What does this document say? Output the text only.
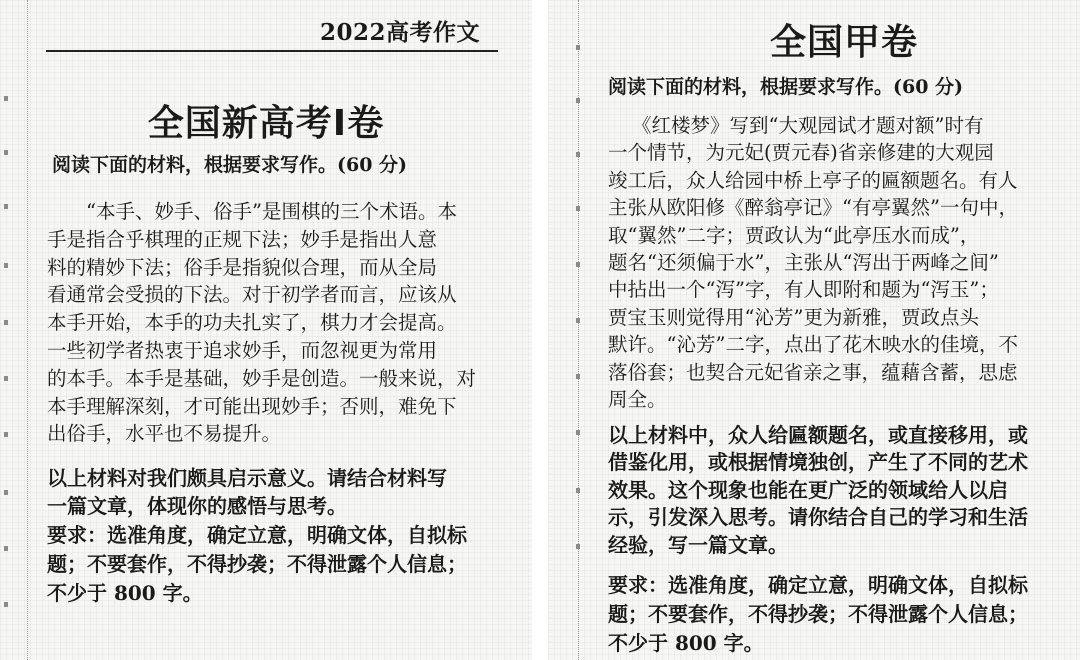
2022高考作文
全国新高考Ⅰ卷
阅读下面的材料，根据要求写作。(60 分)
“本手、妙手、俗手”是围棋的三个术语。本
手是指合乎棋理的正规下法；妙手是指出人意
料的精妙下法；俗手是指貌似合理，而从全局
看通常会受损的下法。对于初学者而言，应该从
本手开始，本手的功夫扎实了，棋力才会提高。
一些初学者热衷于追求妙手，而忽视更为常用
的本手。本手是基础，妙手是创造。一般来说，对
本手理解深刻，才可能出现妙手；否则，难免下
出俗手，水平也不易提升。
以上材料对我们颇具启示意义。请结合材料写
一篇文章，体现你的感悟与思考。
要求：选准角度，确定立意，明确文体，自拟标
题；不要套作，不得抄袭；不得泄露个人信息；
不少于 800 字。
全国甲卷
阅读下面的材料，根据要求写作。(60 分)
《红楼梦》写到“大观园试才题对额”时有
一个情节，为元妃(贾元春)省亲修建的大观园
竣工后，众人给园中桥上亭子的匾额题名。有人
主张从欧阳修《醉翁亭记》“有亭翼然”一句中，
取“翼然”二字；贾政认为“此亭压水而成”，
题名“还须偏于水”，主张从“泻出于两峰之间”
中拈出一个“泻”字，有人即附和题为“泻玉”；
贾宝玉则觉得用“沁芳”更为新雅，贾政点头
默许。“沁芳”二字，点出了花木映水的佳境，不
落俗套；也契合元妃省亲之事，蕴藉含蓄，思虑
周全。
以上材料中，众人给匾额题名，或直接移用，或
借鉴化用，或根据情境独创，产生了不同的艺术
效果。这个现象也能在更广泛的领域给人以启
示，引发深入思考。请你结合自己的学习和生活
经验，写一篇文章。
要求：选准角度，确定立意，明确文体，自拟标
题；不要套作，不得抄袭；不得泄露个人信息；
不少于 800 字。
